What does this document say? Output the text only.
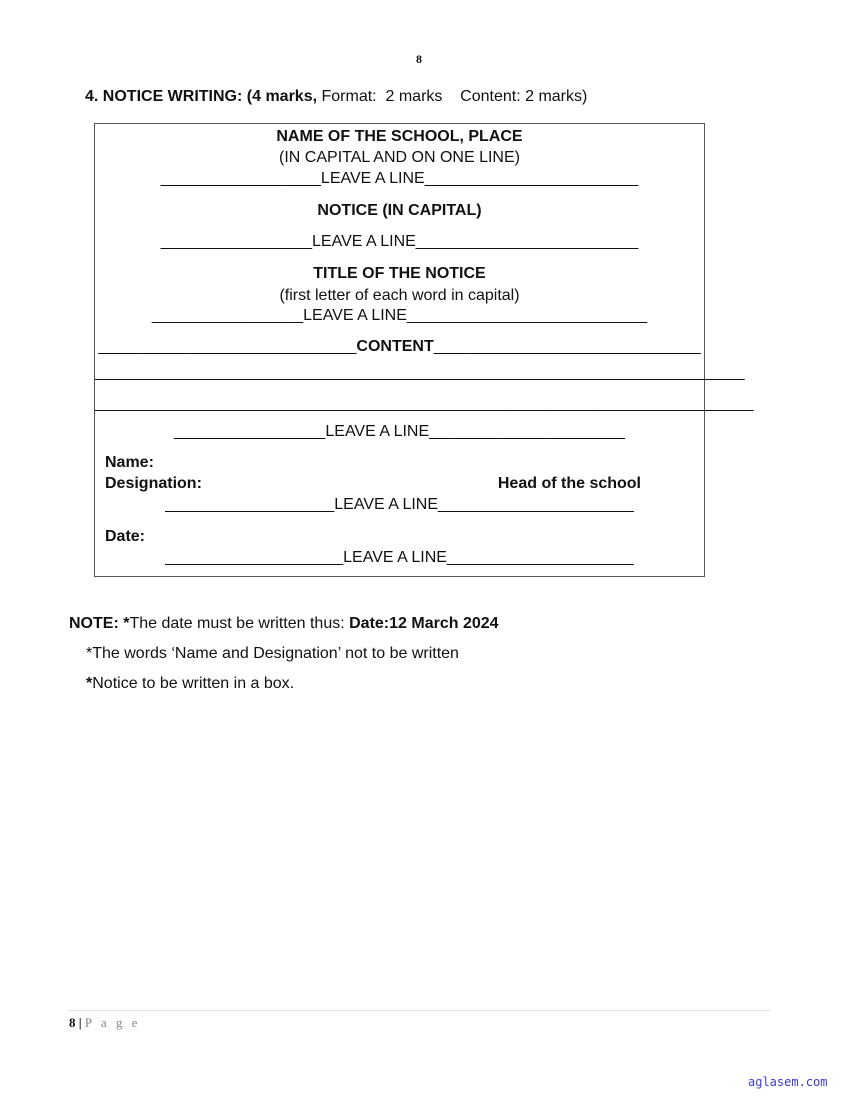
8
4. NOTICE WRITING: (4 marks, Format:  2 marks    Content: 2 marks)
NAME OF THE SCHOOL, PLACE
(IN CAPITAL AND ON ONE LINE)
__________________LEAVE A LINE________________________
NOTICE (IN CAPITAL)
_________________LEAVE A LINE_________________________
TITLE OF THE NOTICE
(first letter of each word in capital)
_________________LEAVE A LINE___________________________
_____________________________CONTENT______________________________
_________________________________________________________________________
__________________________________________________________________________
_________________LEAVE A LINE______________________
Name:
Designation:	Head of the school
___________________LEAVE A LINE______________________
Date:
____________________LEAVE A LINE_____________________
NOTE: *The date must be written thus: Date:12 March 2024
*The words ‘Name and Designation’ not to be written
*Notice to be written in a box.
8 | P a g e
aglasem.com
